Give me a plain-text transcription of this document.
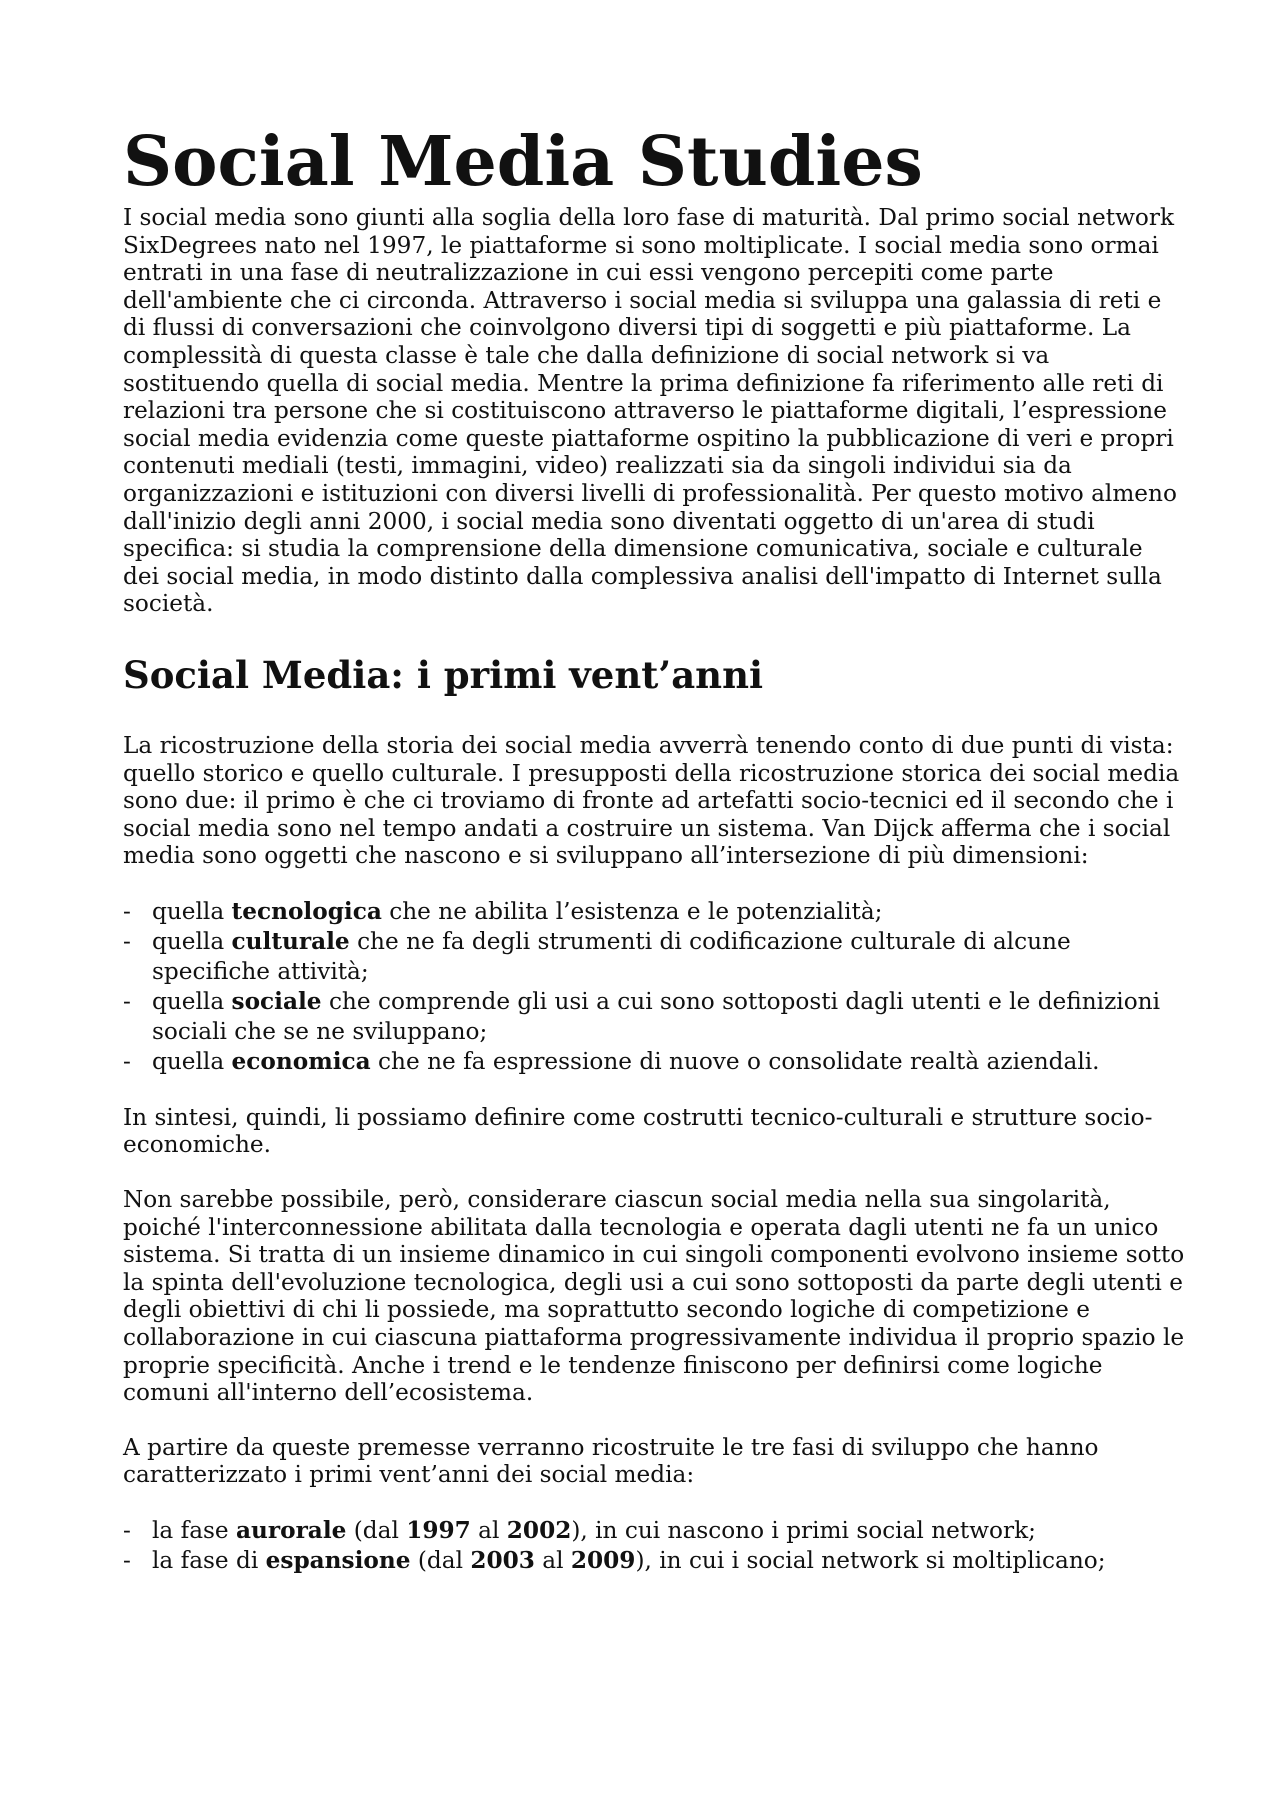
Social Media Studies

I social media sono giunti alla soglia della loro fase di maturità. Dal primo social network SixDegrees nato nel 1997, le piattaforme si sono moltiplicate. I social media sono ormai entrati in una fase di neutralizzazione in cui essi vengono percepiti come parte dell'ambiente che ci circonda. Attraverso i social media si sviluppa una galassia di reti e di flussi di conversazioni che coinvolgono diversi tipi di soggetti e più piattaforme. La complessità di questa classe è tale che dalla definizione di social network si va sostituendo quella di social media. Mentre la prima definizione fa riferimento alle reti di relazioni tra persone che si costituiscono attraverso le piattaforme digitali, l’espressione social media evidenzia come queste piattaforme ospitino la pubblicazione di veri e propri contenuti mediali (testi, immagini, video) realizzati sia da singoli individui sia da organizzazioni e istituzioni con diversi livelli di professionalità. Per questo motivo almeno dall'inizio degli anni 2000, i social media sono diventati oggetto di un'area di studi specifica: si studia la comprensione della dimensione comunicativa, sociale e culturale dei social media, in modo distinto dalla complessiva analisi dell'impatto di Internet sulla società.

Social Media: i primi vent’anni

La ricostruzione della storia dei social media avverrà tenendo conto di due punti di vista: quello storico e quello culturale. I presupposti della ricostruzione storica dei social media sono due: il primo è che ci troviamo di fronte ad artefatti socio-tecnici ed il secondo che i social media sono nel tempo andati a costruire un sistema. Van Dijck afferma che i social media sono oggetti che nascono e si sviluppano all’intersezione di più dimensioni:

- quella tecnologica che ne abilita l’esistenza e le potenzialità;
- quella culturale che ne fa degli strumenti di codificazione culturale di alcune specifiche attività;
- quella sociale che comprende gli usi a cui sono sottoposti dagli utenti e le definizioni sociali che se ne sviluppano;
- quella economica che ne fa espressione di nuove o consolidate realtà aziendali.

In sintesi, quindi, li possiamo definire come costrutti tecnico-culturali e strutture socio-economiche.

Non sarebbe possibile, però, considerare ciascun social media nella sua singolarità, poiché l'interconnessione abilitata dalla tecnologia e operata dagli utenti ne fa un unico sistema. Si tratta di un insieme dinamico in cui singoli componenti evolvono insieme sotto la spinta dell'evoluzione tecnologica, degli usi a cui sono sottoposti da parte degli utenti e degli obiettivi di chi li possiede, ma soprattutto secondo logiche di competizione e collaborazione in cui ciascuna piattaforma progressivamente individua il proprio spazio le proprie specificità. Anche i trend e le tendenze finiscono per definirsi come logiche comuni all'interno dell’ecosistema.

A partire da queste premesse verranno ricostruite le tre fasi di sviluppo che hanno caratterizzato i primi vent’anni dei social media:

- la fase aurorale (dal 1997 al 2002), in cui nascono i primi social network;
- la fase di espansione (dal 2003 al 2009), in cui i social network si moltiplicano;
